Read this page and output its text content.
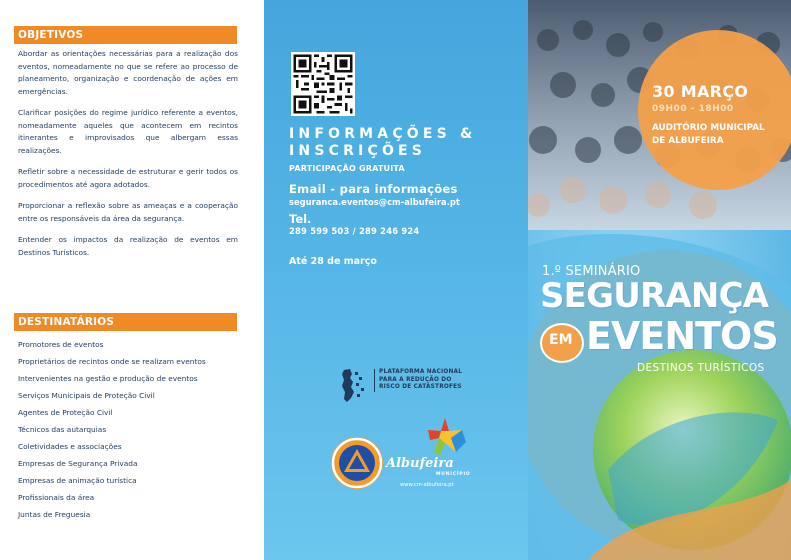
OBJETIVOS
Abordar as orientações necessárias para a realização dos eventos, nomeadamente no que se refere ao processo de planeamento, organização e coordenação de ações em emergências.
Clarificar posições do regime jurídico referente a eventos, nomeadamente aqueles que acontecem em recintos itinerantes e improvisados que albergam essas realizações.
Refletir sobre a necessidade de estruturar e gerir todos os procedimentos até agora adotados.
Proporcionar a reflexão sobre as ameaças e a cooperação entre os responsáveis da área da segurança.
Entender os impactos da realização de eventos em Destinos Turísticos.
DESTINATÁRIOS
Promotores de eventos
Proprietários de recintos onde se realizam eventos
Intervenientes na gestão e produção de eventos
Serviços Municipais de Proteção Civil
Agentes de Proteção Civil
Técnicos das autarquias
Coletividades e associações
Empresas de Segurança Privada
Empresas de animação turística
Profissionais da área
Juntas de Freguesia
INFORMAÇÕES &
INSCRIÇÕES
PARTICIPAÇÃO GRATUITA
Email - para informações
seguranca.eventos@cm-albufeira.pt
Tel.
289 599 503 / 289 246 924
Até 28 de março
PLATAFORMA NACIONAL
PARA A REDUÇÃO DO
RISCO DE CATÁSTROFES
Albufeira
MUNICÍPIO
www.cm-albufeira.pt
30 MARÇO
09H00 - 18H00
AUDITÓRIO MUNICIPAL
DE ALBUFEIRA
1.º SEMINÁRIO
SEGURANÇA
EM EVENTOS
DESTINOS TURÍSTICOS
